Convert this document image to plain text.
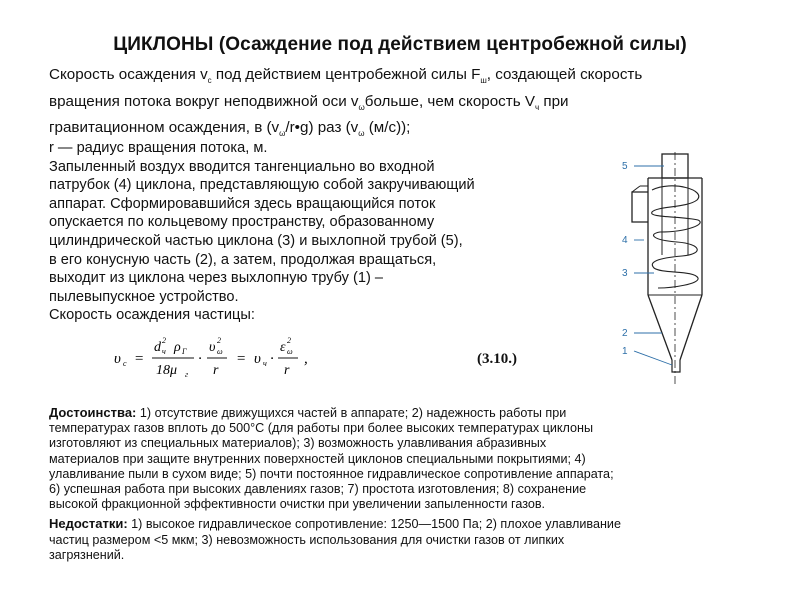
ЦИКЛОНЫ (Осаждение под действием центробежной силы)

Скорость осаждения $v_c$ под действием центробежной силы $F_ш$, создающей скорость

вращения потока вокруг неподвижной оси $v_\omega больше$, чем скорость $V_ч$ при

гравитационном осаждения, в $(v_\omega/r•g)$ раз ($v_\omega$ (м/с));

r — радиус вращения потока, м.
Запыленный воздух вводится тангенциально во входной
патрубок (4) циклона, представляющую собой закручивающий
аппарат. Сформировавшийся здесь вращающийся поток
опускается по кольцевому пространству, образованному
цилиндрической частью циклона (3) и выхлопной трубой (5),
в его конусную часть (2), а затем, продолжая вращаться,
выходит из циклона через выхлопную трубу (1) –
пылевыпускное устройство.
Скорость осаждения частицы:
υ c =
d 2
ч ρ Γ
18μ г
·
υ 2
ω
r
= υ ч ·
ε 2
ω
r
,	(3.10.)
5
4
3
2
1

Достоинства: 1) отсутствие движущихся частей в аппарате; 2) надежность работы при

температурах газов вплоть до 500°С (для работы при более высоких температурах циклоны

изготовляют из специальных материалов); 3) возможность улавливания абразивных

материалов при защите внутренних поверхностей циклонов специальными покрытиями; 4)

улавливание пыли в сухом виде; 5) почти постоянное гидравлическое сопротивление аппарата;

6) успешная работа при высоких давлениях газов; 7) простота изготовления; 8) сохранение

высокой фракционной эффективности очистки при увеличении запыленности газов.

Недостатки: 1) высокое гидравлическое сопротивление: 1250—1500 Па; 2) плохое улавливание

частиц размером <5 мкм; 3) невозможность использования для очистки газов от липких

загрязнений.
